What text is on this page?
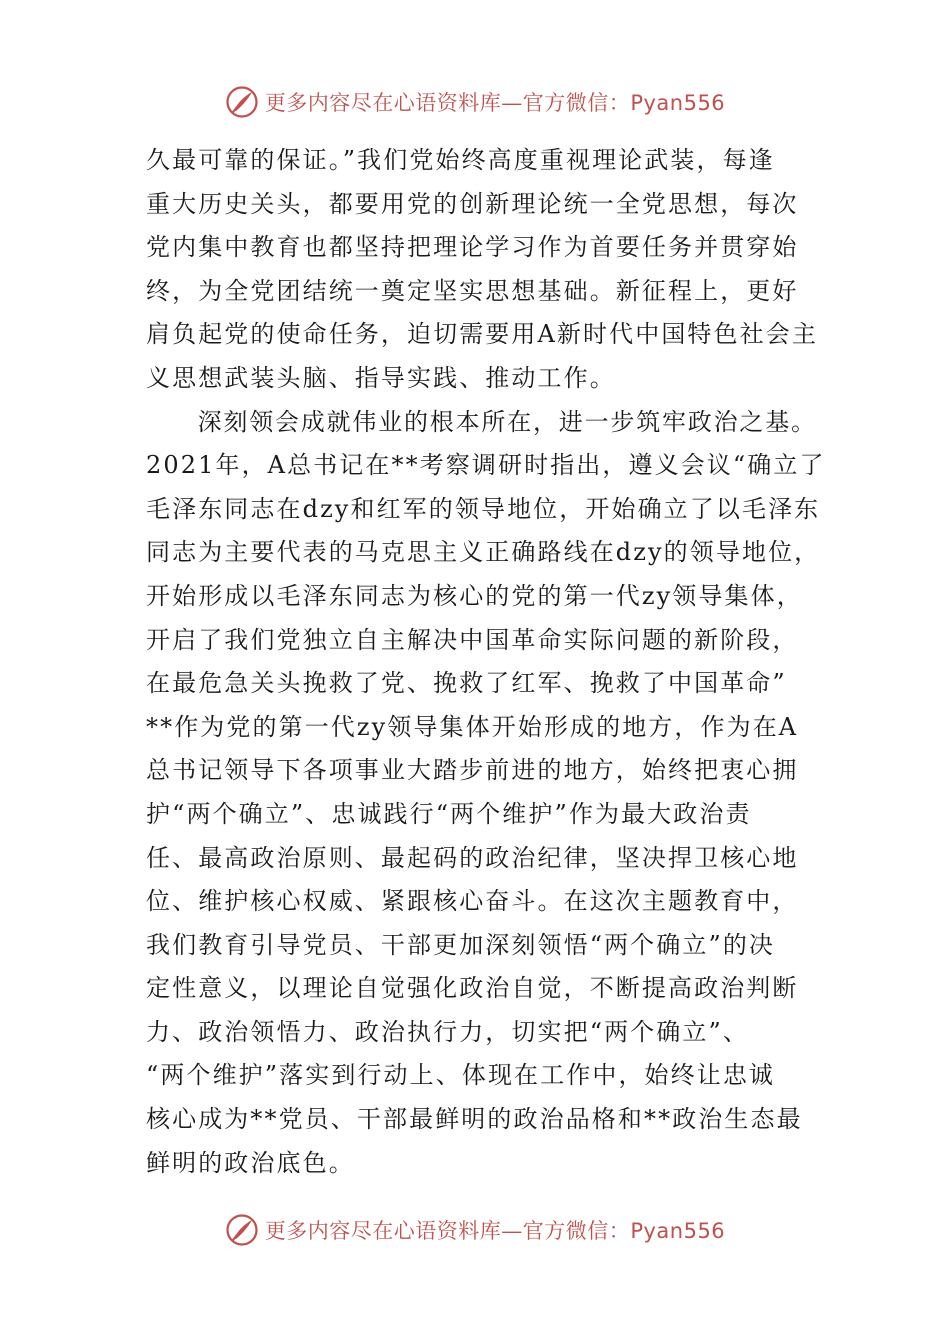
更多内容尽在心语资料库—官方微信：Pyan556
久最可靠的保证。”我们党始终高度重视理论武装，每逢
重大历史关头，都要用党的创新理论统一全党思想，每次
党内集中教育也都坚持把理论学习作为首要任务并贯穿始
终，为全党团结统一奠定坚实思想基础。新征程上，更好
肩负起党的使命任务，迫切需要用A新时代中国特色社会主
义思想武装头脑、指导实践、推动工作。
　　深刻领会成就伟业的根本所在，进一步筑牢政治之基。
2021年，A总书记在**考察调研时指出，遵义会议“确立了
毛泽东同志在dzy和红军的领导地位，开始确立了以毛泽东
同志为主要代表的马克思主义正确路线在dzy的领导地位，
开始形成以毛泽东同志为核心的党的第一代zy领导集体，
开启了我们党独立自主解决中国革命实际问题的新阶段，
在最危急关头挽救了党、挽救了红军、挽救了中国革命”
**作为党的第一代zy领导集体开始形成的地方，作为在A
总书记领导下各项事业大踏步前进的地方，始终把衷心拥
护“两个确立”、忠诚践行“两个维护”作为最大政治责
任、最高政治原则、最起码的政治纪律，坚决捍卫核心地
位、维护核心权威、紧跟核心奋斗。在这次主题教育中，
我们教育引导党员、干部更加深刻领悟“两个确立”的决
定性意义，以理论自觉强化政治自觉，不断提高政治判断
力、政治领悟力、政治执行力，切实把“两个确立”、
“两个维护”落实到行动上、体现在工作中，始终让忠诚
核心成为**党员、干部最鲜明的政治品格和**政治生态最
鲜明的政治底色。
更多内容尽在心语资料库—官方微信：Pyan556
